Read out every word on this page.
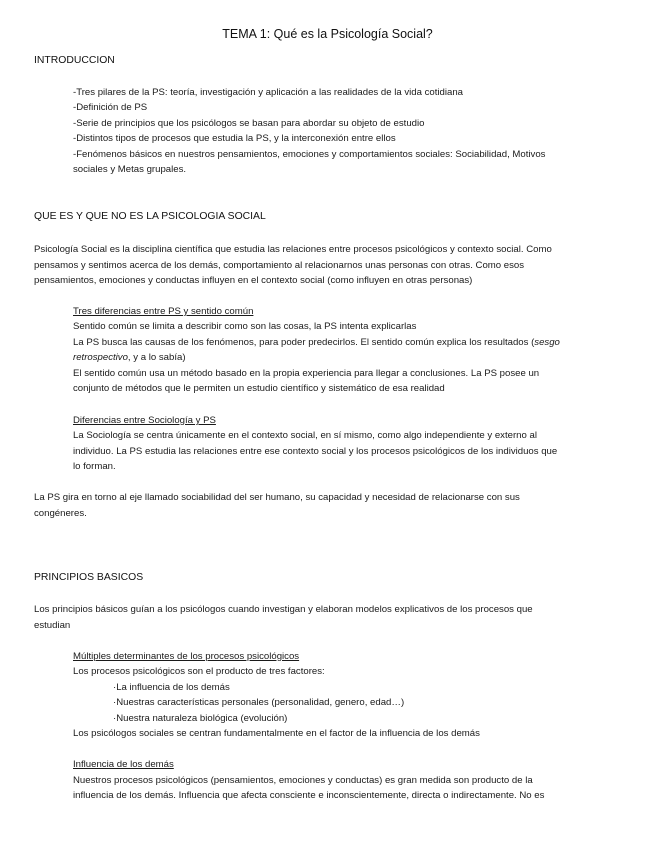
TEMA 1: Qué es la Psicología Social?
INTRODUCCION
-Tres pilares de la PS: teoría, investigación y aplicación a las realidades de la vida cotidiana
-Definición de PS
-Serie de principios que los psicólogos se basan para abordar su objeto de estudio
-Distintos tipos de procesos que estudia la PS, y la interconexión entre ellos
-Fenómenos básicos en nuestros pensamientos, emociones y comportamientos sociales: Sociabilidad, Motivos
sociales y Metas grupales.
QUE ES Y QUE NO ES LA PSICOLOGIA SOCIAL
Psicología Social es la disciplina científica que estudia las relaciones entre procesos psicológicos y contexto social. Como
pensamos y sentimos acerca de los demás, comportamiento al relacionarnos unas personas con otras. Como esos
pensamientos, emociones y conductas influyen en el contexto social (como influyen en otras personas)
Tres diferencias entre PS y sentido común
Sentido común se limita a describir como son las cosas, la PS intenta explicarlas
La PS busca las causas de los fenómenos, para poder predecirlos. El sentido común explica los resultados (sesgo
retrospectivo, y a lo sabía)
El sentido común usa un método basado en la propia experiencia para llegar a conclusiones. La PS posee un
conjunto de métodos que le permiten un estudio científico y sistemático de esa realidad
Diferencias entre Sociología y PS
La Sociología se centra únicamente en el contexto social, en sí mismo, como algo independiente y externo al
individuo. La PS estudia las relaciones entre ese contexto social y los procesos psicológicos de los individuos que
lo forman.
La PS gira en torno al eje llamado sociabilidad del ser humano, su capacidad y necesidad de relacionarse con sus
congéneres.
PRINCIPIOS BASICOS
Los principios básicos guían a los psicólogos cuando investigan y elaboran modelos explicativos de los procesos que
estudian
Múltiples determinantes de los procesos psicológicos
Los procesos psicológicos son el producto de tres factores:
·La influencia de los demás
·Nuestras características personales (personalidad, genero, edad…)
·Nuestra naturaleza biológica (evolución)
Los psicólogos sociales se centran fundamentalmente en el factor de la influencia de los demás
Influencia de los demás
Nuestros procesos psicológicos (pensamientos, emociones y conductas) es gran medida son producto de la
influencia de los demás. Influencia que afecta consciente e inconscientemente, directa o indirectamente. No es
